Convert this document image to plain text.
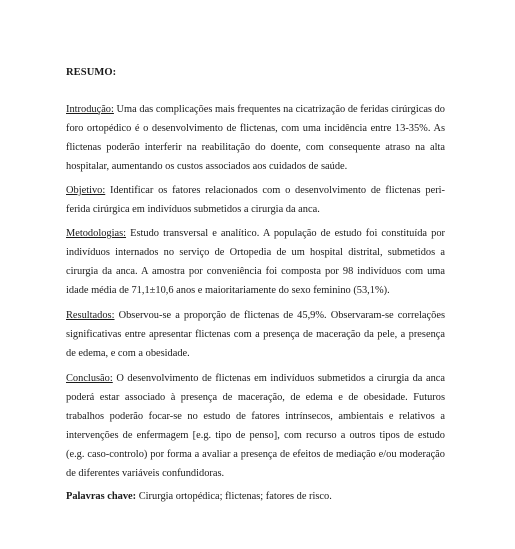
RESUMO:

Introdução: Uma das complicações mais frequentes na cicatrização de feridas cirúrgicas do foro ortopédico é o desenvolvimento de flictenas, com uma incidência entre 13-35%. As flictenas poderão interferir na reabilitação do doente, com consequente atraso na alta hospitalar, aumentando os custos associados aos cuidados de saúde.

Objetivo: Identificar os fatores relacionados com o desenvolvimento de flictenas peri-ferida cirúrgica em indivíduos submetidos a cirurgia da anca.

Metodologias: Estudo transversal e analítico. A população de estudo foi constituída por indivíduos internados no serviço de Ortopedia de um hospital distrital, submetidos a cirurgia da anca. A amostra por conveniência foi composta por 98 indivíduos com uma idade média de 71,1±10,6 anos e maioritariamente do sexo feminino (53,1%).

Resultados: Observou-se a proporção de flictenas de 45,9%. Observaram-se correlações significativas entre apresentar flictenas com a presença de maceração da pele, a presença de edema, e com a obesidade.

Conclusão: O desenvolvimento de flictenas em indivíduos submetidos a cirurgia da anca poderá estar associado à presença de maceração, de edema e de obesidade. Futuros trabalhos poderão focar-se no estudo de fatores intrínsecos, ambientais e relativos a intervenções de enfermagem [e.g. tipo de penso], com recurso a outros tipos de estudo (e.g. caso-controlo) por forma a avaliar a presença de efeitos de mediação e/ou moderação de diferentes variáveis confundidoras.

Palavras chave: Cirurgia ortopédica; flictenas; fatores de risco.
